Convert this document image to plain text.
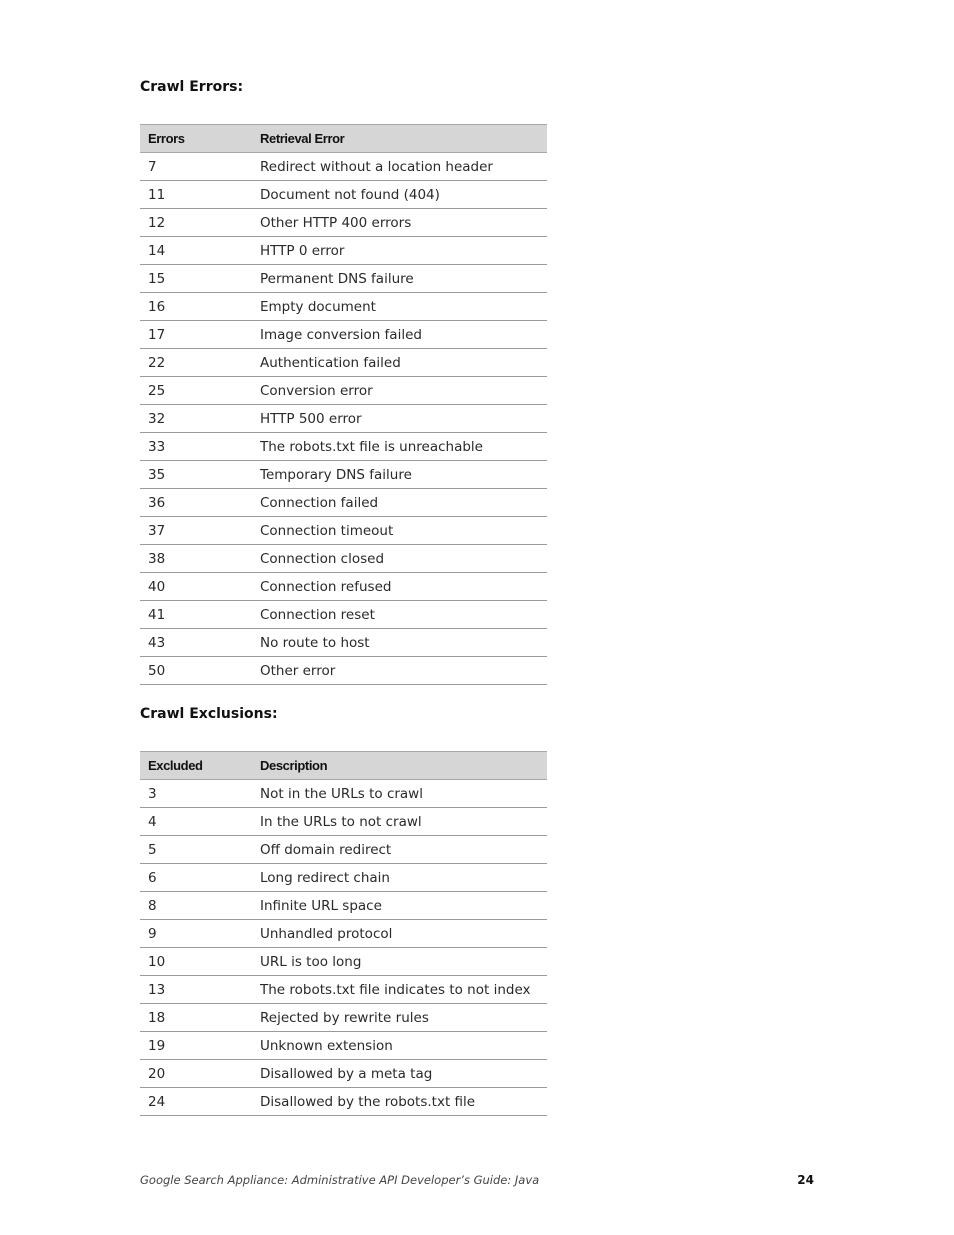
Crawl Errors:
Errors	Retrieval Error
7	Redirect without a location header
11	Document not found (404)
12	Other HTTP 400 errors
14	HTTP 0 error
15	Permanent DNS failure
16	Empty document
17	Image conversion failed
22	Authentication failed
25	Conversion error
32	HTTP 500 error
33	The robots.txt file is unreachable
35	Temporary DNS failure
36	Connection failed
37	Connection timeout
38	Connection closed
40	Connection refused
41	Connection reset
43	No route to host
50	Other error
Crawl Exclusions:
Excluded	Description
3	Not in the URLs to crawl
4	In the URLs to not crawl
5	Off domain redirect
6	Long redirect chain
8	Infinite URL space
9	Unhandled protocol
10	URL is too long
13	The robots.txt file indicates to not index
18	Rejected by rewrite rules
19	Unknown extension
20	Disallowed by a meta tag
24	Disallowed by the robots.txt file
Google Search Appliance: Administrative API Developer’s Guide: Java	24
